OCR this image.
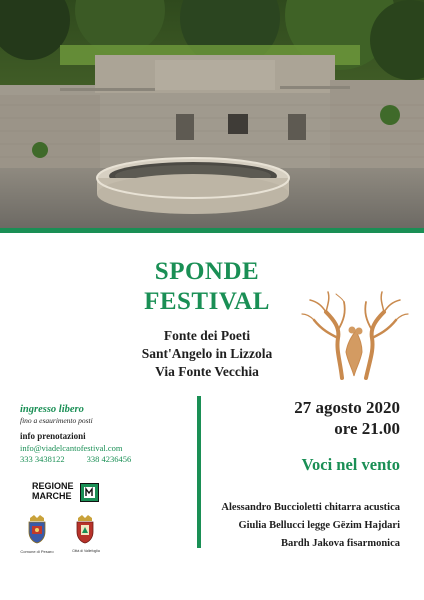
SPONDE
FESTIVAL
Fonte dei Poeti
Sant'Angelo in Lizzola
Via Fonte Vecchia
ingresso libero
fino a esaurimento posti
info prenotazioni
info@viadelcantofestival.com
333 3438122	338 4236456
27 agosto 2020
ore 21.00
Voci nel vento
Alessandro Buccioletti chitarra acustica
Giulia Bellucci legge Gëzim Hajdari
Bardh Jakova fisarmonica
REGIONE
MARCHE
Comune di Pesaro	Città di Vallefoglia
